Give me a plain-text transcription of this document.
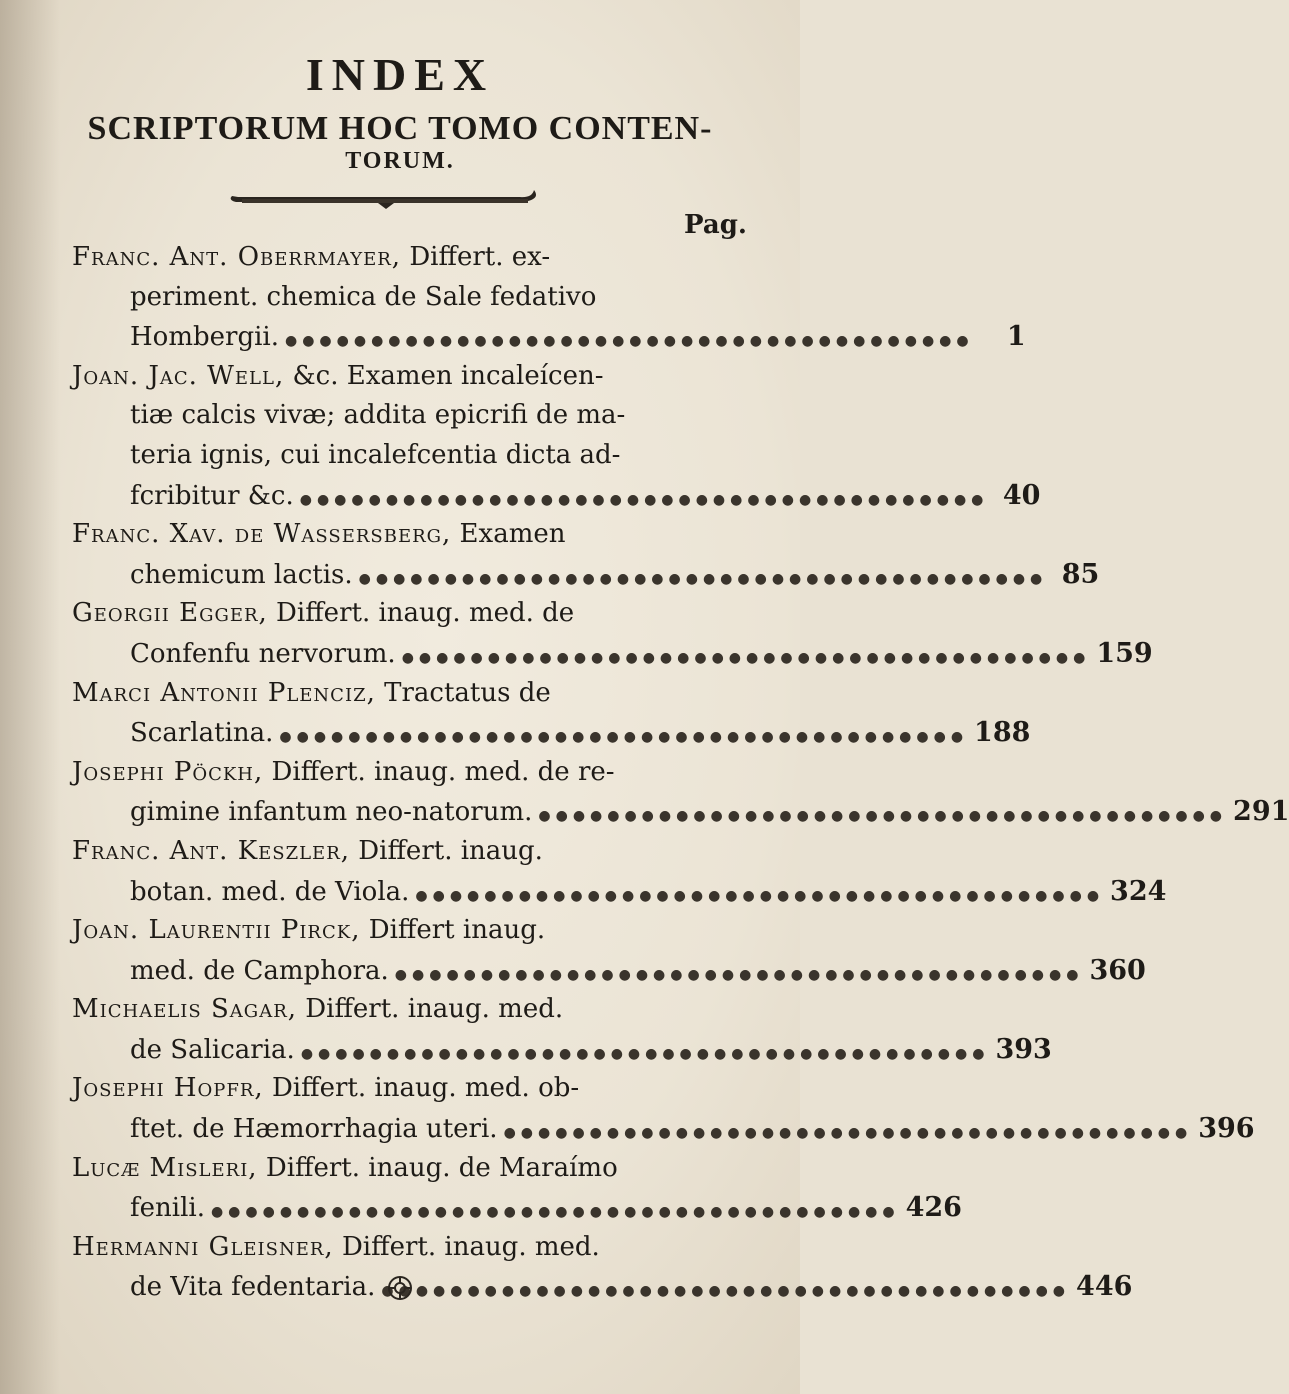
INDEX
SCRIPTORUM HOC TOMO CONTEN-
TORUM.
Pag.
Franc. Ant. Oberrmayer, Differt. ex-
periment. chemica de Sale fedativo
Hombergii. ●●●●●●●●●●●●●●●●●●●●●●●●●●●●●●●●●●●●●●●●	1
Joan. Jac. Well, &c. Examen incaleícen-
tiæ calcis vivæ; addita epicrifi de ma-
teria ignis, cui incalefcentia dicta ad-
fcribitur &c. ●●●●●●●●●●●●●●●●●●●●●●●●●●●●●●●●●●●●●●●● 40
Franc. Xav. de Wassersberg, Examen
chemicum lactis. ●●●●●●●●●●●●●●●●●●●●●●●●●●●●●●●●●●●●●●●● 85
Georgii Egger, Differt. inaug. med. de
Confenfu nervorum. ●●●●●●●●●●●●●●●●●●●●●●●●●●●●●●●●●●●●●●●● 159
Marci Antonii Plenciz, Tractatus de
Scarlatina. ●●●●●●●●●●●●●●●●●●●●●●●●●●●●●●●●●●●●●●●● 188
Josephi Pöckh, Differt. inaug. med. de re-
gimine infantum neo-natorum. ●●●●●●●●●●●●●●●●●●●●●●●●●●●●●●●●●●●●●●●● 291
Franc. Ant. Keszler, Differt. inaug.
botan. med. de Viola. ●●●●●●●●●●●●●●●●●●●●●●●●●●●●●●●●●●●●●●●● 324
Joan. Laurentii Pirck, Differt inaug.
med. de Camphora. ●●●●●●●●●●●●●●●●●●●●●●●●●●●●●●●●●●●●●●●● 360
Michaelis Sagar, Differt. inaug. med.
de Salicaria. ●●●●●●●●●●●●●●●●●●●●●●●●●●●●●●●●●●●●●●●● 393
Josephi Hopfr, Differt. inaug. med. ob-
ftet. de Hæmorrhagia uteri. ●●●●●●●●●●●●●●●●●●●●●●●●●●●●●●●●●●●●●●●● 396
Lucæ Misleri, Differt. inaug. de Maraímo
fenili. ●●●●●●●●●●●●●●●●●●●●●●●●●●●●●●●●●●●●●●●● 426
Hermanni Gleisner, Differt. inaug. med.
de Vita fedentaria. ●●●●●●●●●●●●●●●●●●●●●●●●●●●●●●●●●●●●●●●● 446
